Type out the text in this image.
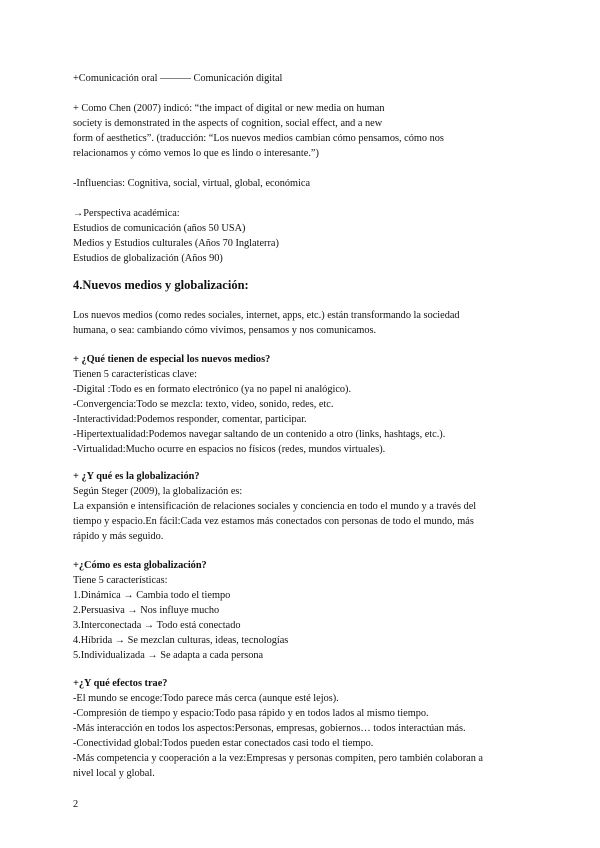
+Comunicación oral ——— Comunicación digital
+ Como Chen (2007) indicó: “the impact of digital or new media on human
society is demonstrated in the aspects of cognition, social effect, and a new
form of aesthetics”. (traducción: “Los nuevos medios cambian cómo pensamos, cómo nos
relacionamos y cómo vemos lo que es lindo o interesante.”)
-Influencias: Cognitiva, social, virtual, global, económica
→Perspectiva académica:
Estudios de comunicación (años 50 USA)
Medios y Estudios culturales (Años 70 Inglaterra)
Estudios de globalización (Años 90)
4.Nuevos medios y globalización:
Los nuevos medios (como redes sociales, internet, apps, etc.) están transformando la sociedad
humana, o sea: cambiando cómo vivimos, pensamos y nos comunicamos.
+ ¿Qué tienen de especial los nuevos medios?
Tienen 5 características clave:
-Digital :Todo es en formato electrónico (ya no papel ni analógico).
-Convergencia:Todo se mezcla: texto, video, sonido, redes, etc.
-Interactividad:Podemos responder, comentar, participar.
-Hipertextualidad:Podemos navegar saltando de un contenido a otro (links, hashtags, etc.).
-Virtualidad:Mucho ocurre en espacios no físicos (redes, mundos virtuales).
+ ¿Y qué es la globalización?
Según Steger (2009), la globalización es:
La expansión e intensificación de relaciones sociales y conciencia en todo el mundo y a través del
tiempo y espacio.En fácil:Cada vez estamos más conectados con personas de todo el mundo, más
rápido y más seguido.
+¿Cómo es esta globalización?
Tiene 5 características:
1.Dinámica → Cambia todo el tiempo
2.Persuasiva → Nos influye mucho
3.Interconectada → Todo está conectado
4.Híbrida → Se mezclan culturas, ideas, tecnologías
5.Individualizada → Se adapta a cada persona
+¿Y qué efectos trae?
-El mundo se encoge:Todo parece más cerca (aunque esté lejos).
-Compresión de tiempo y espacio:Todo pasa rápido y en todos lados al mismo tiempo.
-Más interacción en todos los aspectos:Personas, empresas, gobiernos… todos interactúan más.
-Conectividad global:Todos pueden estar conectados casi todo el tiempo.
-Más competencia y cooperación a la vez:Empresas y personas compiten, pero también colaboran a
nivel local y global.
2
